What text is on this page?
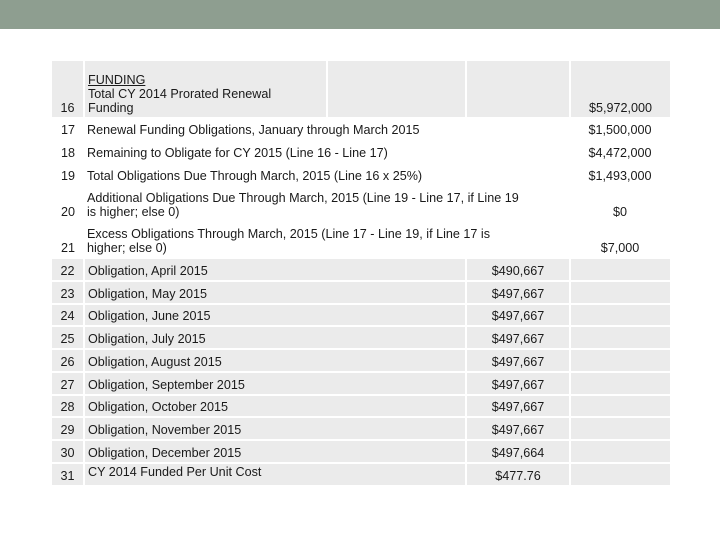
16	FUNDING
Total CY 2014 Prorated Renewal
Funding			$5,972,000
17	Renewal Funding Obligations, January through March 2015			$1,500,000
18	Remaining to Obligate for CY 2015 (Line 16 - Line 17)			$4,472,000
19	Total Obligations Due Through March, 2015 (Line 16 x 25%)			$1,493,000
20	Additional Obligations Due Through March, 2015 (Line 19 - Line 17, if Line 19
is higher; else 0)			$0
21	Excess Obligations Through March, 2015 (Line 17 - Line 19, if Line 17 is
higher; else 0)			$7,000
22	Obligation, April 2015		$490,667	
23	Obligation, May 2015		$497,667	
24	Obligation, June 2015		$497,667	
25	Obligation, July 2015		$497,667	
26	Obligation, August 2015		$497,667	
27	Obligation, September 2015		$497,667	
28	Obligation, October 2015		$497,667	
29	Obligation, November 2015		$497,667	
30	Obligation, December 2015		$497,664	
31	CY 2014 Funded Per Unit Cost		$477.76	
